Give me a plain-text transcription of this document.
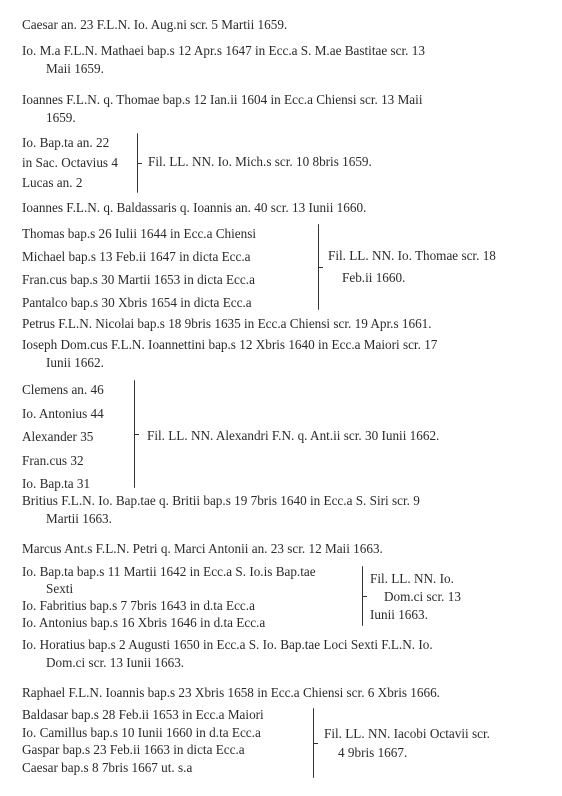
Caesar an. 23 F.L.N. Io. Aug.ni scr. 5 Martii 1659.
Io. M.a F.L.N. Mathaei bap.s 12 Apr.s 1647 in Ecc.a S. M.ae Bastitae scr. 13
Maii 1659.
Ioannes F.L.N. q. Thomae bap.s 12 Ian.ii 1604 in Ecc.a Chiensi scr. 13 Maii
1659.
Io. Bap.ta an. 22
in Sac. Octavius 4
Lucas an. 2
Fil. LL. NN. Io. Mich.s scr. 10 8bris 1659.
Ioannes F.L.N. q. Baldassaris q. Ioannis an. 40 scr. 13 Iunii 1660.
Thomas bap.s 26 Iulii 1644 in Ecc.a Chiensi
Michael bap.s 13 Feb.ii 1647 in dicta Ecc.a
Fran.cus bap.s 30 Martii 1653 in dicta Ecc.a
Pantalco bap.s 30 Xbris 1654 in dicta Ecc.a
Fil. LL. NN. Io. Thomae scr. 18
Feb.ii 1660.
Petrus F.L.N. Nicolai bap.s 18 9bris 1635 in Ecc.a Chiensi scr. 19 Apr.s 1661.
Ioseph Dom.cus F.L.N. Ioannettini bap.s 12 Xbris 1640 in Ecc.a Maiori scr. 17
Iunii 1662.
Clemens an. 46
Io. Antonius 44
Alexander 35
Fran.cus 32
Io. Bap.ta 31
Fil. LL. NN. Alexandri F.N. q. Ant.ii scr. 30 Iunii 1662.
Britius F.L.N. Io. Bap.tae q. Britii bap.s 19 7bris 1640 in Ecc.a S. Siri scr. 9
Martii 1663.
Marcus Ant.s F.L.N. Petri q. Marci Antonii an. 23 scr. 12 Maii 1663.
Io. Bap.ta bap.s 11 Martii 1642 in Ecc.a S. Io.is Bap.tae
Sexti
Io. Fabritius bap.s 7 7bris 1643 in d.ta Ecc.a
Io. Antonius bap.s 16 Xbris 1646 in d.ta Ecc.a
Fil. LL. NN. Io.
Dom.ci scr. 13
Iunii 1663.
Io. Horatius bap.s 2 Augusti 1650 in Ecc.a S. Io. Bap.tae Loci Sexti F.L.N. Io.
Dom.ci scr. 13 Iunii 1663.
Raphael F.L.N. Ioannis bap.s 23 Xbris 1658 in Ecc.a Chiensi scr. 6 Xbris 1666.
Baldasar bap.s 28 Feb.ii 1653 in Ecc.a Maiori
Io. Camillus bap.s 10 Iunii 1660 in d.ta Ecc.a
Gaspar bap.s 23 Feb.ii 1663 in dicta Ecc.a
Caesar bap.s 8 7bris 1667 ut. s.a
Fil. LL. NN. Iacobi Octavii scr.
4 9bris 1667.
